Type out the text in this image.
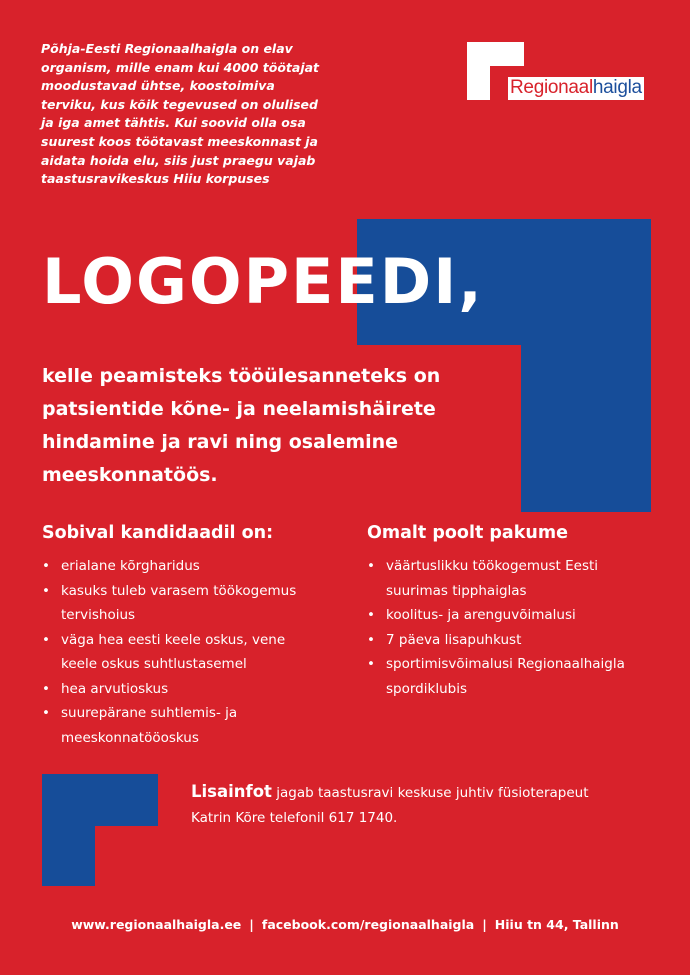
Põhja-Eesti Regionaalhaigla on elav
organism, mille enam kui 4000 töötajat
moodustavad ühtse, koostoimiva
terviku, kus kõik tegevused on olulised
ja iga amet tähtis. Kui soovid olla osa
suurest koos töötavast meeskonnast ja
aidata hoida elu, siis just praegu vajab
taastusravikeskus Hiiu korpuses

Regionaalhaigla
LOGOPEEDI,

kelle peamisteks tööülesanneteks on
patsientide kõne- ja neelamishäirete
hindamine ja ravi ning osalemine
meeskonnatöös.

Sobival kandidaadil on:
• erialane kõrgharidus
• kasuks tuleb varasem töökogemus
tervishoius
• väga hea eesti keele oskus, vene
keele oskus suhtlustasemel
• hea arvutioskus
• suurepärane suhtlemis- ja
meeskonnatööoskus
Omalt poolt pakume
• väärtuslikku töökogemust Eesti
suurimas tipphaiglas
• koolitus- ja arenguvõimalusi
• 7 päeva lisapuhkust
• sportimisvõimalusi Regionaalhaigla
spordiklubis

Lisainfot jagab taastusravi keskuse juhtiv füsioterapeut
Katrin Kõre telefonil 617 1740.

www.regionaalhaigla.ee | facebook.com/regionaalhaigla | Hiiu tn 44, Tallinn
